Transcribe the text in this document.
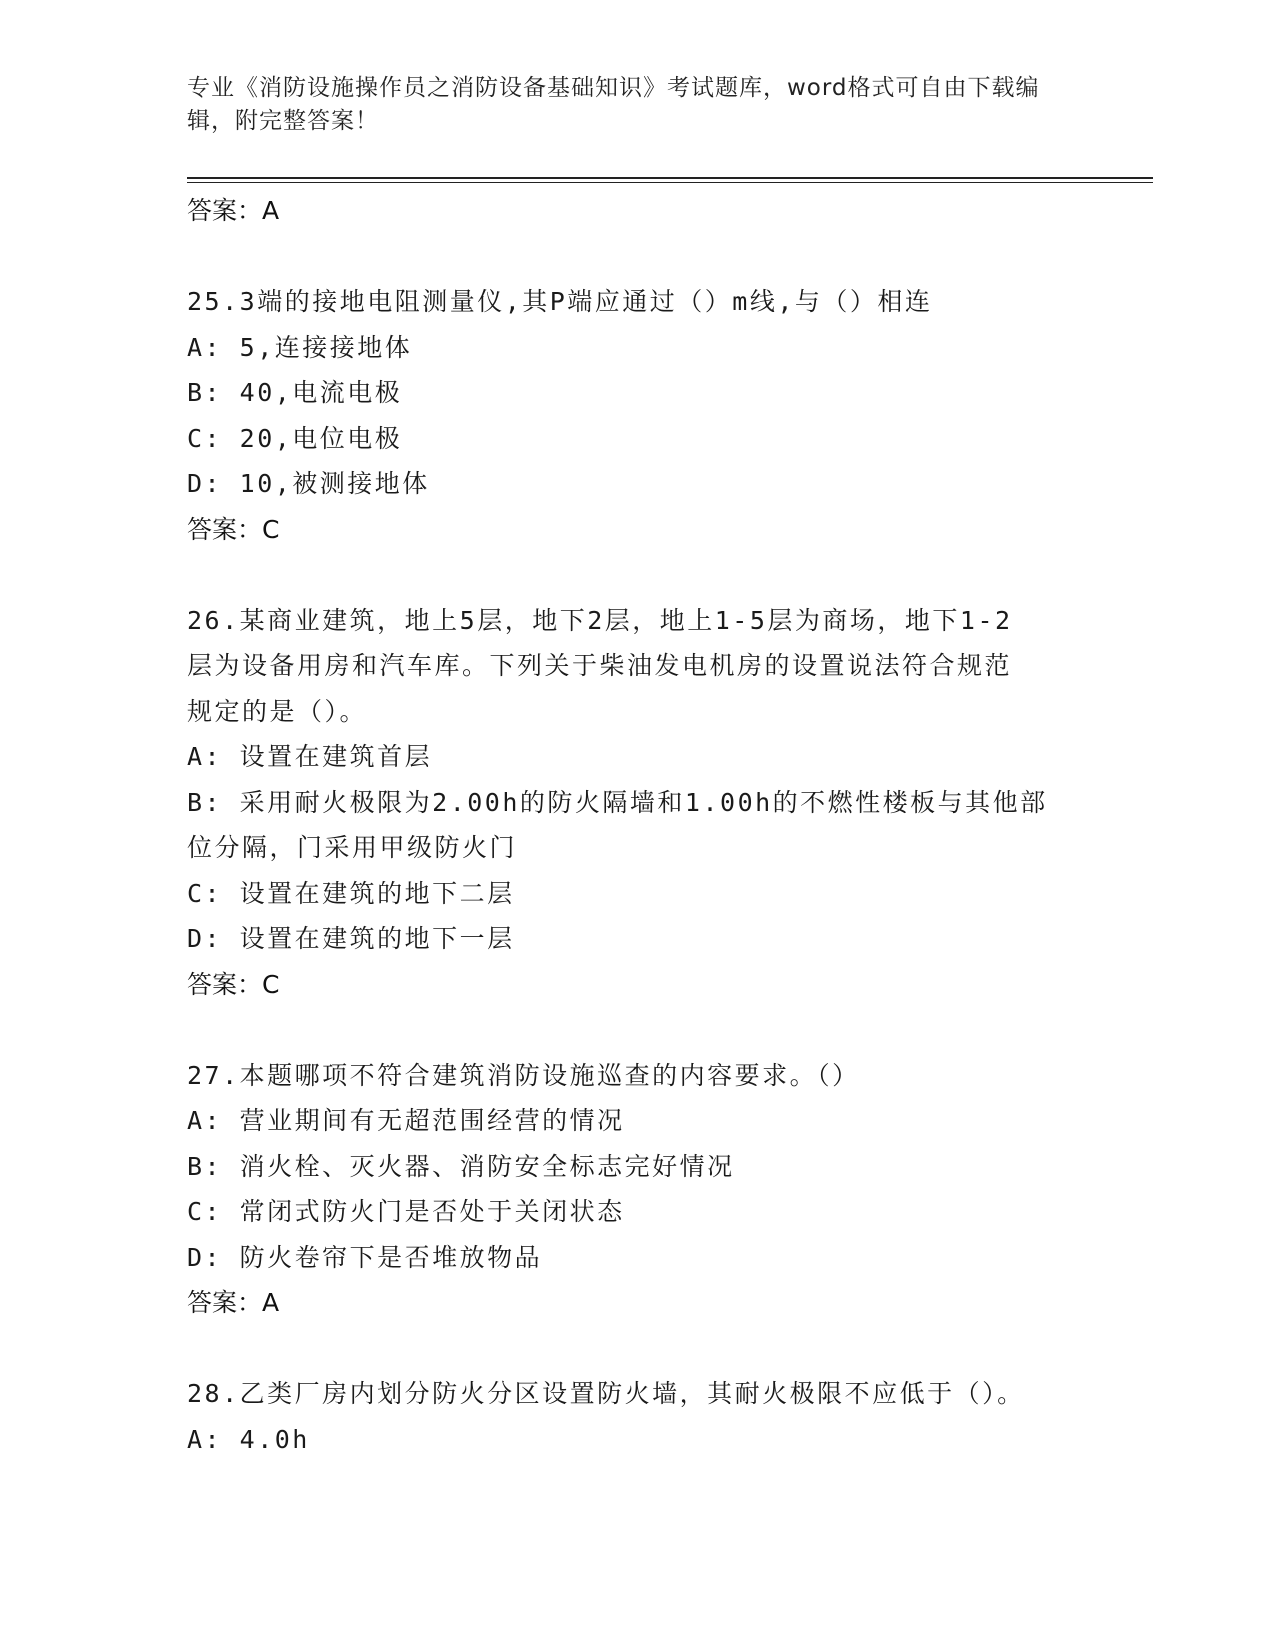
专业《消防设施操作员之消防设备基础知识》考试题库，word格式可自由下载编
辑，附完整答案！
答案：A
25.3端的接地电阻测量仪,其P端应通过（）m线,与（）相连
A: 5,连接接地体
B: 40,电流电极
C: 20,电位电极
D: 10,被测接地体
答案：C
26.某商业建筑，地上5层，地下2层，地上1-5层为商场，地下1-2
层为设备用房和汽车库。下列关于柴油发电机房的设置说法符合规范
规定的是（）。
A: 设置在建筑首层
B: 采用耐火极限为2.00h的防火隔墙和1.00h的不燃性楼板与其他部
位分隔，门采用甲级防火门
C: 设置在建筑的地下二层
D: 设置在建筑的地下一层
答案：C
27.本题哪项不符合建筑消防设施巡查的内容要求。（）
A: 营业期间有无超范围经营的情况
B: 消火栓、灭火器、消防安全标志完好情况
C: 常闭式防火门是否处于关闭状态
D: 防火卷帘下是否堆放物品
答案：A
28.乙类厂房内划分防火分区设置防火墙，其耐火极限不应低于（）。
A: 4.0h
